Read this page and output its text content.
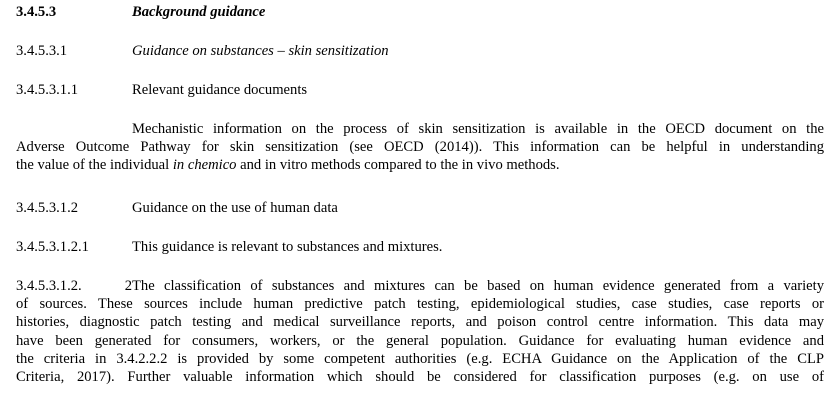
3.4.5.3	Background guidance
3.4.5.3.1	Guidance on substances – skin sensitization
3.4.5.3.1.1	Relevant guidance documents
Mechanistic information on the process of skin sensitization is available in the OECD document on the
Adverse Outcome Pathway for skin sensitization (see OECD (2014)). This information can be helpful in understanding
the value of the individual in chemico and in vitro methods compared to the in vivo methods.
3.4.5.3.1.2	Guidance on the use of human data
3.4.5.3.1.2.1	This guidance is relevant to substances and mixtures.
3.4.5.3.1.2. 2The classification of substances and mixtures can be based on human evidence generated from a variety
of sources. These sources include human predictive patch testing, epidemiological studies, case studies, case reports or
histories, diagnostic patch testing and medical surveillance reports, and poison control centre information. This data may
have been generated for consumers, workers, or the general population. Guidance for evaluating human evidence and
the criteria in 3.4.2.2.2 is provided by some competent authorities (e.g. ECHA Guidance on the Application of the CLP
Criteria, 2017). Further valuable information which should be considered for classification purposes (e.g. on use of
